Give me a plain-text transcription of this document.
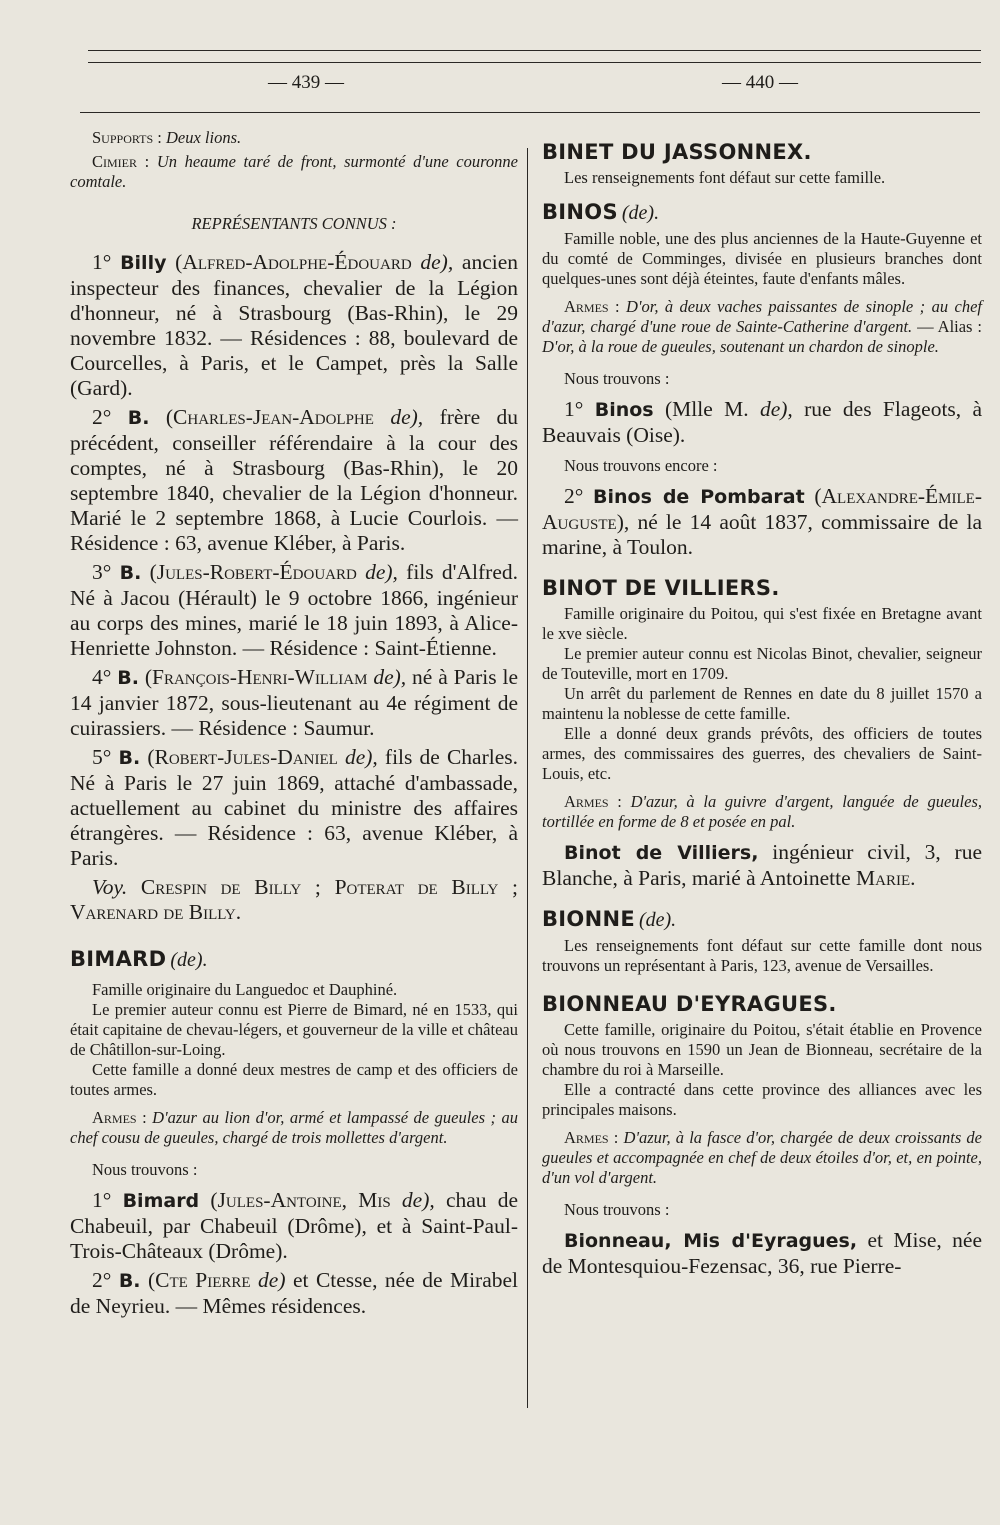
— 439 —	— 440 —

Supports : Deux lions.

Cimier : Un heaume taré de front, surmonté d'une couronne comtale.

REPRÉSENTANTS CONNUS :

1° Billy (Alfred-Adolphe-Édouard de), ancien inspecteur des finances, chevalier de la Légion d'honneur, né à Strasbourg (Bas-Rhin), le 29 novembre 1832. — Résidences : 88, boulevard de Courcelles, à Paris, et le Campet, près la Salle (Gard).

2° B. (Charles-Jean-Adolphe de), frère du précédent, conseiller référendaire à la cour des comptes, né à Strasbourg (Bas-Rhin), le 20 septembre 1840, chevalier de la Légion d'honneur. Marié le 2 septembre 1868, à Lucie Courlois. — Résidence : 63, avenue Kléber, à Paris.

3° B. (Jules-Robert-Édouard de), fils d'Alfred. Né à Jacou (Hérault) le 9 octobre 1866, ingénieur au corps des mines, marié le 18 juin 1893, à Alice-Henriette Johnston. — Résidence : Saint-Étienne.

4° B. (François-Henri-William de), né à Paris le 14 janvier 1872, sous-lieutenant au 4e régiment de cuirassiers. — Résidence : Saumur.

5° B. (Robert-Jules-Daniel de), fils de Charles. Né à Paris le 27 juin 1869, attaché d'ambassade, actuellement au cabinet du ministre des affaires étrangères. — Résidence : 63, avenue Kléber, à Paris.

Voy. Crespin de Billy ; Poterat de Billy ; Varenard de Billy.

BIMARD (de).

Famille originaire du Languedoc et Dauphiné.

Le premier auteur connu est Pierre de Bimard, né en 1533, qui était capitaine de chevau-légers, et gouverneur de la ville et château de Châtillon-sur-Loing.

Cette famille a donné deux mestres de camp et des officiers de toutes armes.

Armes : D'azur au lion d'or, armé et lampassé de gueules ; au chef cousu de gueules, chargé de trois mollettes d'argent.

Nous trouvons :

1° Bimard (Jules-Antoine, Mis de), chau de Chabeuil, par Chabeuil (Drôme), et à Saint-Paul-Trois-Châteaux (Drôme).

2° B. (Cte Pierre de) et Ctesse, née de Mirabel de Neyrieu. — Mêmes résidences.

BINET DU JASSONNEX.

Les renseignements font défaut sur cette famille.

BINOS (de).

Famille noble, une des plus anciennes de la Haute-Guyenne et du comté de Comminges, divisée en plusieurs branches dont quelques-unes sont déjà éteintes, faute d'enfants mâles.

Armes : D'or, à deux vaches paissantes de sinople ; au chef d'azur, chargé d'une roue de Sainte-Catherine d'argent. — Alias : D'or, à la roue de gueules, soutenant un chardon de sinople.

Nous trouvons :

1° Binos (Mlle M. de), rue des Flageots, à Beauvais (Oise).

Nous trouvons encore :

2° Binos de Pombarat (Alexandre-Émile-Auguste), né le 14 août 1837, commissaire de la marine, à Toulon.

BINOT DE VILLIERS.

Famille originaire du Poitou, qui s'est fixée en Bretagne avant le xve siècle.

Le premier auteur connu est Nicolas Binot, chevalier, seigneur de Touteville, mort en 1709.

Un arrêt du parlement de Rennes en date du 8 juillet 1570 a maintenu la noblesse de cette famille.

Elle a donné deux grands prévôts, des officiers de toutes armes, des commissaires des guerres, des chevaliers de Saint-Louis, etc.

Armes : D'azur, à la guivre d'argent, languée de gueules, tortillée en forme de 8 et posée en pal.

Binot de Villiers, ingénieur civil, 3, rue Blanche, à Paris, marié à Antoinette Marie.

BIONNE (de).

Les renseignements font défaut sur cette famille dont nous trouvons un représentant à Paris, 123, avenue de Versailles.

BIONNEAU D'EYRAGUES.

Cette famille, originaire du Poitou, s'était établie en Provence où nous trouvons en 1590 un Jean de Bionneau, secrétaire de la chambre du roi à Marseille.

Elle a contracté dans cette province des alliances avec les principales maisons.

Armes : D'azur, à la fasce d'or, chargée de deux croissants de gueules et accompagnée en chef de deux étoiles d'or, et, en pointe, d'un vol d'argent.

Nous trouvons :

Bionneau, Mis d'Eyragues, et Mise, née de Montesquiou-Fezensac, 36, rue Pierre-
